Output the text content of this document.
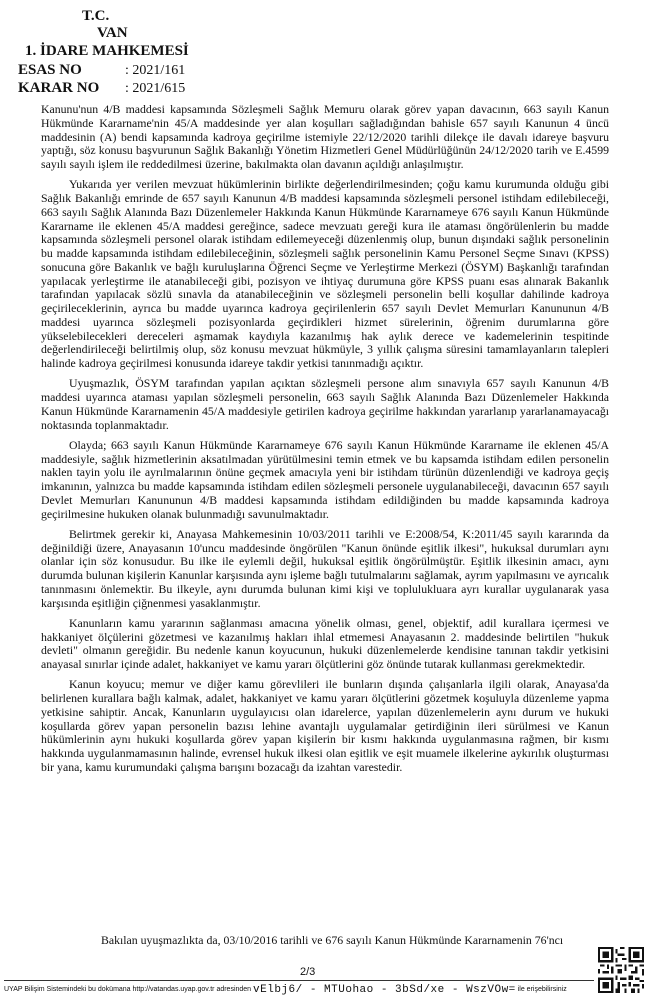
T.C.
VAN
1. İDARE MAHKEMESİ
ESAS NO	: 2021/161
KARAR NO	: 2021/615

Kanunu'nun 4/B maddesi kapsamında Sözleşmeli Sağlık Memuru olarak görev yapan davacının, 663 sayılı Kanun Hükmünde Kararname'nin 45/A maddesinde yer alan koşulları sağladığından bahisle 657 sayılı Kanunun 4 üncü maddesinin (A) bendi kapsamında kadroya geçirilme istemiyle 22/12/2020 tarihli dilekçe ile davalı idareye başvuru yaptığı, söz konusu başvurunun Sağlık Bakanlığı Yönetim Hizmetleri Genel Müdürlüğünün 24/12/2020 tarih ve E.4599 sayılı sayılı işlem ile reddedilmesi üzerine, bakılmakta olan davanın açıldığı anlaşılmıştır.

Yukarıda yer verilen mevzuat hükümlerinin birlikte değerlendirilmesinden; çoğu kamu kurumunda olduğu gibi Sağlık Bakanlığı emrinde de 657 sayılı Kanunun 4/B maddesi kapsamında sözleşmeli personel istihdam edilebileceği, 663 sayılı Sağlık Alanında Bazı Düzenlemeler Hakkında Kanun Hükmünde Kararnameye 676 sayılı Kanun Hükmünde Kararname ile eklenen 45/A maddesi gereğince, sadece mevzuatı gereği kura ile ataması öngörülenlerin bu madde kapsamında sözleşmeli personel olarak istihdam edilemeyeceği düzenlenmiş olup, bunun dışındaki sağlık personelinin bu madde kapsamında istihdam edilebileceğinin, sözleşmeli sağlık personelinin Kamu Personel Seçme Sınavı (KPSS) sonucuna göre Bakanlık ve bağlı kuruluşlarına Öğrenci Seçme ve Yerleştirme Merkezi (ÖSYM) Başkanlığı tarafından yapılacak yerleştirme ile atanabileceği gibi, pozisyon ve ihtiyaç durumuna göre KPSS puanı esas alınarak Bakanlık tarafından yapılacak sözlü sınavla da atanabileceğinin ve sözleşmeli personelin belli koşullar dahilinde kadroya geçirileceklerinin, ayrıca bu madde uyarınca kadroya geçirilenlerin 657 sayılı Devlet Memurları Kanununun 4/B maddesi uyarınca sözleşmeli pozisyonlarda geçirdikleri hizmet sürelerinin, öğrenim durumlarına göre yükselebilecekleri dereceleri aşmamak kaydıyla kazanılmış hak aylık derece ve kademelerinin tespitinde değerlendirileceği belirtilmiş olup, söz konusu mevzuat hükmüyle, 3 yıllık çalışma süresini tamamlayanların talepleri halinde kadroya geçirilmesi konusunda idareye takdir yetkisi tanınmadığı açıktır.

Uyuşmazlık, ÖSYM tarafından yapılan açıktan sözleşmeli persone alım sınavıyla 657 sayılı Kanunun 4/B maddesi uyarınca ataması yapılan sözleşmeli personelin, 663 sayılı Sağlık Alanında Bazı Düzenlemeler Hakkında Kanun Hükmünde Kararnamenin 45/A maddesiyle getirilen kadroya geçirilme hakkından yararlanıp yararlanamayacağı noktasında toplanmaktadır.

Olayda; 663 sayılı Kanun Hükmünde Kararnameye 676 sayılı Kanun Hükmünde Kararname ile eklenen 45/A maddesiyle, sağlık hizmetlerinin aksatılmadan yürütülmesini temin etmek ve bu kapsamda istihdam edilen personelin naklen tayin yolu ile ayrılmalarının önüne geçmek amacıyla yeni bir istihdam türünün düzenlendiği ve kadroya geçiş imkanının, yalnızca bu madde kapsamında istihdam edilen sözleşmeli personele uygulanabileceği, davacının 657 sayılı Devlet Memurları Kanununun 4/B maddesi kapsamında istihdam edildiğinden bu madde kapsamında kadroya geçirilmesine hukuken olanak bulunmadığı savunulmaktadır.

Belirtmek gerekir ki, Anayasa Mahkemesinin 10/03/2011 tarihli ve E:2008/54, K:2011/45 sayılı kararında da değinildiği üzere, Anayasanın 10'uncu maddesinde öngörülen "Kanun önünde eşitlik ilkesi", hukuksal durumları aynı olanlar için söz konusudur. Bu ilke ile eylemli değil, hukuksal eşitlik öngörülmüştür. Eşitlik ilkesinin amacı, aynı durumda bulunan kişilerin Kanunlar karşısında aynı işleme bağlı tutulmalarını sağlamak, ayrım yapılmasını ve ayrıcalık tanınmasını önlemektir. Bu ilkeyle, aynı durumda bulunan kimi kişi ve toplulukluara ayrı kurallar uygulanarak yasa karşısında eşitliğin çiğnenmesi yasaklanmıştır.

Kanunların kamu yararının sağlanması amacına yönelik olması, genel, objektif, adil kurallara içermesi ve hakkaniyet ölçülerini gözetmesi ve kazanılmış hakları ihlal etmemesi Anayasanın 2. maddesinde belirtilen "hukuk devleti" olmanın gereğidir. Bu nedenle kanun koyucunun, hukuki düzenlemelerde kendisine tanınan takdir yetkisini anayasal sınırlar içinde adalet, hakkaniyet ve kamu yararı ölçütlerini göz önünde tutarak kullanması gerekmektedir.

Kanun koyucu; memur ve diğer kamu görevlileri ile bunların dışında çalışanlarla ilgili olarak, Anayasa'da belirlenen kurallara bağlı kalmak, adalet, hakkaniyet ve kamu yararı ölçütlerini gözetmek koşuluyla düzenleme yapma yetkisine sahiptir. Ancak, Kanunların uygulayıcısı olan idarelerce, yapılan düzenlemelerin aynı durum ve hukuki koşullarda görev yapan personelin bazısı lehine avantajlı uygulamalar getirdiğinin ileri sürülmesi ve Kanun hükümlerinin aynı hukuki koşullarda görev yapan kişilerin bir kısmı hakkında uygulanmasına rağmen, bir kısmı hakkında uygulanmamasının halinde, evrensel hukuk ilkesi olan eşitlik ve eşit muamele ilkelerine aykırılık oluşturması bir yana, kamu kurumundaki çalışma barışını bozacağı da izahtan varestedir.

Bakılan uyuşmazlıkta da, 03/10/2016 tarihli ve 676 sayılı Kanun Hükmünde Kararnamenin 76'ncı
2/3
UYAP Bilişim Sistemindeki bu dokümana http://vatandas.uyap.gov.tr adresinden vElbj6/ - MTUohao - 3bSd/xe - WszVOw= ile erişebilirsiniz
